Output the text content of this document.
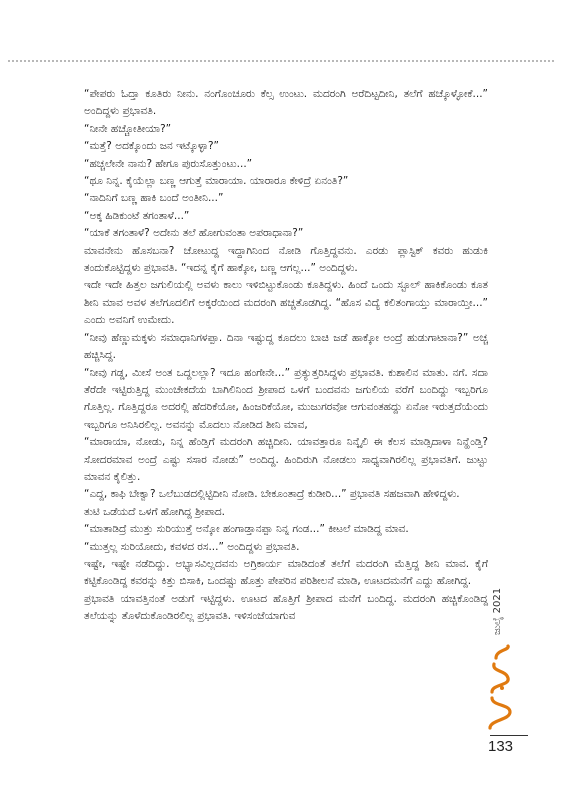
“ಪೇಪರು ಓದ್ತಾ ಕೂತಿರು ನೀನು. ನಂಗೊಂಚೂರು ಕೆಲ್ಸ ಉಂಟು. ಮದರಂಗಿ ಅರೆದಿಟ್ಟದೀನಿ, ತಲೆಗೆ ಹಚ್ಕೊಳ್ಳೋಕೆ...” ಅಂದಿದ್ದಳು ಪ್ರಭಾವತಿ.

“ನೀನೇ ಹಚ್ಚೋತೀಯಾ?”

“ಮತ್ತೆ? ಅದಕ್ಕೊಂದು ಜನ ಇಟ್ಕೊಳ್ಳಾ?”

“ಹಚ್ಚಲೇನೇ ನಾನು? ಹೇಗೂ ಪುರುಸೊತ್ತುಂಟು...”

“ಥೂ ನಿನ್ನ. ಕೈಯೆಲ್ಲಾ ಬಣ್ಣ ಆಗುತ್ತೆ ಮಾರಾಯಾ. ಯಾರಾರೂ ಕೇಳಿದ್ರೆ ಏನಂತಿ?”

“ನಾದಿನಿಗೆ ಬಣ್ಣ ಹಾಕಿ ಬಂದೆ ಅಂತೀನಿ...”

“ಅಕ್ಕ ಹಿಡಿಕುಂಟೆ ತಗಂತಾಳೆ...”

“ಯಾಕೆ ತಗಂತಾಳೆ? ಅದೇನು ತಲೆ ಹೋಗುವಂತಾ ಅಪರಾಧಾನಾ?”

ಮಾವನೇನು ಹೊಸಬನಾ? ಚೋಟುದ್ದ ಇದ್ದಾಗಿನಿಂದ ನೋಡಿ ಗೊತ್ತಿದ್ದವನು. ಎರಡು ಪ್ಲಾಸ್ಟಿಕ್ ಕವರು ಹುಡುಕಿ ತಂದುಕೊಟ್ಟಿದ್ದಳು ಪ್ರಭಾವತಿ. “ಇದನ್ನ ಕೈಗೆ ಹಾಕ್ಕೋ, ಬಣ್ಣ ಆಗಲ್ಲ...” ಅಂದಿದ್ದಳು.

ಇದೇ ಇದೇ ಹಿತ್ತಲ ಜಗುಲಿಯಲ್ಲಿ ಅವಳು ಕಾಲು ಇಳಿಬಿಟ್ಟುಕೊಂಡು ಕೂತಿದ್ದಳು. ಹಿಂದೆ ಒಂದು ಸ್ಟೂಲ್ ಹಾಕಿಕೊಂಡು ಕೂತ ಶೀನಿ ಮಾವ ಅವಳ ತಲೆಗೂದಲಿಗೆ ಅಕ್ಕರೆಯಿಂದ ಮದರಂಗಿ ಹಚ್ಚತೊಡಗಿದ್ದ. “ಹೊಸ ವಿದ್ಯೆ ಕಲಿತಂಗಾಯ್ತು ಮಾರಾಯ್ತೀ...” ಎಂದು ಅವನಿಗೆ ಉಮೇದು.

“ನೀವು ಹೆಣ್ಣುಮಕ್ಕಳು ಸಮಾಧಾನಿಗಳಪ್ಪಾ. ದಿನಾ ಇಷ್ಟುದ್ದ ಕೂದಲು ಬಾಚಿ ಜಡೆ ಹಾಕ್ಕೋ ಅಂದ್ರೆ ಹುಡುಗಾಟಾನಾ?” ಅಚ್ಚ ಹಚ್ಚಿಸಿದ್ದ.

“ನೀವು ಗಡ್ಡ, ಮೀಸೆ ಅಂತ ಒದ್ದಲಲ್ಲಾ? ಇದೂ ಹಂಗೇನೇ...” ಪ್ರತ್ಯುತ್ತರಿಸಿದ್ದಳು ಪ್ರಭಾವತಿ. ಕುಶಾಲಿನ ಮಾತು. ನಗೆ. ಸದಾ ತೆರೆದೇ ಇಟ್ಟಿರುತ್ತಿದ್ದ ಮುಂಚೇಕದೆಯ ಬಾಗಿಲಿನಿಂದ ಶ್ರೀಪಾದ ಒಳಗೆ ಬಂದವನು ಜಗುಲಿಯ ವರೆಗೆ ಬಂದಿದ್ದು ಇಬ್ಬರಿಗೂ ಗೊತ್ತಿಲ್ಲ. ಗೊತ್ತಿದ್ದರೂ ಅದರಲ್ಲಿ ಹೆದರಿಕೆಯೋ, ಹಿಂಜರಿಕೆಯೋ, ಮುಜುಗರವೋ ಆಗುವಂತಹದ್ದು ಏನೋ ಇರುತ್ತದೆಯೆಂದು ಇಬ್ಬರಿಗೂ ಅನಿಸಿರಲಿಲ್ಲ. ಅವನನ್ನು ಮೊದಲು ನೋಡಿದ ಶೀನಿ ಮಾವ,

“ಮಾರಾಯಾ, ನೋಡು, ನಿನ್ನ ಹೆಂಡ್ತಿಗೆ ಮದರಂಗಿ ಹಚ್ಚಿದೀನಿ. ಯಾವತ್ತಾರೂ ನಿನ್ಕೈಲಿ ಈ ಕೆಲಸ ಮಾಡ್ಸಿದಾಳಾ ನಿನ್ಹೆಂಡ್ತಿ? ಸೋದರಮಾವ ಅಂದ್ರೆ ಎಷ್ಟು ಸಸಾರ ನೋಡು” ಅಂದಿದ್ದ. ಹಿಂದಿರುಗಿ ನೋಡಲು ಸಾಧ್ಯವಾಗಿರಲಿಲ್ಲ ಪ್ರಭಾವತಿಗೆ. ಜುಟ್ಟು ಮಾವನ ಕೈಲಿತ್ತು.

“ಎದ್ದ, ಕಾಫಿ ಬೇಕ್ವಾ? ಒಲೆಬುಡದಲ್ಲಿಟ್ಟಿದೀನಿ ನೋಡಿ. ಬೇಕೂಂತಾದ್ರೆ ಕುಡೀರಿ...” ಪ್ರಭಾವತಿ ಸಹಜವಾಗಿ ಹೇಳಿದ್ದಳು.

ತುಟಿ ಒಡೆಯದೆ ಒಳಗೆ ಹೋಗಿದ್ದ ಶ್ರೀಪಾದ.

“ಮಾತಾಡಿದ್ರೆ ಮುತ್ತು ಸುರಿಯುತ್ತೆ ಅನ್ಕೋ ಹಂಗಾಡ್ತಾನಪ್ಪಾ ನಿನ್ನ ಗಂಡ...” ಕೀಟಲೆ ಮಾಡಿದ್ದ ಮಾವ.

“ಮುತ್ತಲ್ಲ ಸುರಿಯೋದು, ಕವಳದ ರಸ...” ಅಂದಿದ್ದಳು ಪ್ರಭಾವತಿ.

ಇಷ್ಟೇ, ಇಷ್ಟೇ ನಡೆದಿದ್ದು. ಅಭ್ಯಾಸವಿಲ್ಲದವನು ಅಗ್ರಿಕಾರ್ಯ ಮಾಡಿದಂತೆ ತಲೆಗೆ ಮದರಂಗಿ ಮೆತ್ತಿದ್ದ ಶೀನಿ ಮಾವ. ಕೈಗೆ ಕಟ್ಟಿಕೊಂಡಿದ್ದ ಕವರನ್ನು ಕಿತ್ತು ಬಿಸಾಕಿ, ಒಂದಷ್ಟು ಹೊತ್ತು ಪೇಪರಿನ ಪರಿಶೀಲನೆ ಮಾಡಿ, ಊಟದಮನೆಗೆ ಎದ್ದು ಹೋಗಿದ್ದ.

ಪ್ರಭಾವತಿ ಯಾವತ್ತಿನಂತೆ ಅಡುಗೆ ಇಟ್ಟಿದ್ದಳು. ಊಟದ ಹೊತ್ತಿಗೆ ಶ್ರೀಪಾದ ಮನೆಗೆ ಬಂದಿದ್ದ. ಮದರಂಗಿ ಹಚ್ಚಿಕೊಂಡಿದ್ದ ತಲೆಯನ್ನು ತೊಳೆದುಕೊಂಡಿರಲಿಲ್ಲ ಪ್ರಭಾವತಿ. ಇಳಿಸಂಜೆಯಾಗುವ	ಜುಲೈ 2021
133
